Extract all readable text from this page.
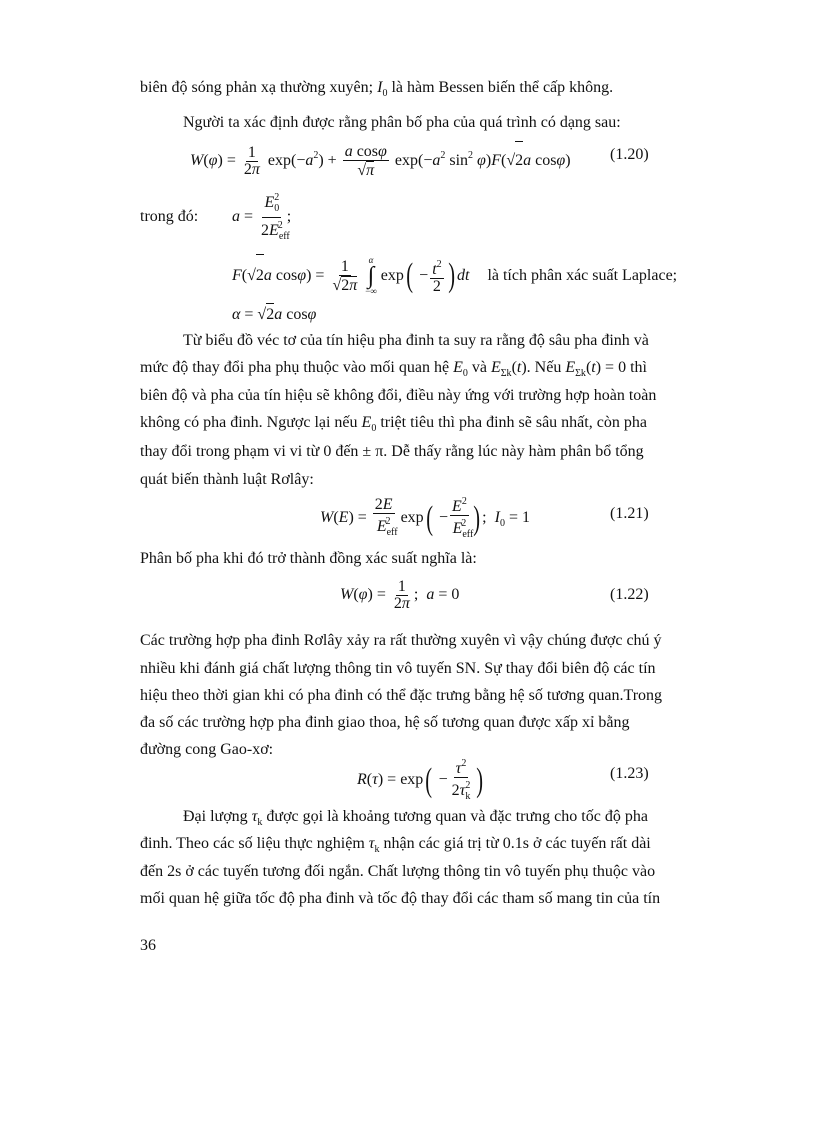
biên độ sóng phản xạ thường xuyên; $I_0$ là hàm Bessen biến thể cấp không.
Người ta xác định được rằng phân bố pha của quá trình có dạng sau:
$W(\varphi) = \frac{1}{2\pi} \exp(-a^2) + \frac{\text{a cosφ}}{√\pi} \exp(-a^2$ $\sin^2 \varphi)F(√2a$ cosφ) (1.20)
trong đó: $a = \frac{E_0^2}{2E_{eff}^2}$ ;
F(√2a $\cos\varphi) = \frac{1}{√2\pi}$
α
∫
−∞
$\exp( - \frac{t^2}{2}$ ) dt là tích phân xác suất Laplace;
α = √2a cosφ
Từ biểu đồ véc tơ của tín hiệu pha đinh ta suy ra rằng độ sâu pha đinh và
mức độ thay đổi pha phụ thuộc vào mối quan hệ $E_0$ và $E_{\Sigma k}(t)$. Nếu $E_{\Sigma k}(t) = 0$ thì
biên độ và pha của tín hiệu sẽ không đổi, điều này ứng với trường hợp hoàn toàn
không có pha đinh. Ngược lại nếu $E_0$ triệt tiêu thì pha đinh sẽ sâu nhất, còn pha
thay đổi trong phạm vi vi từ 0 đến ± π. Dễ thấy rằng lúc này hàm phân bổ tổng
quát biến thành luật Rơlây:
$W(E) = \frac{2E}{E_{eff}^2} \exp( - \frac{E^2}{E_{eff}^2}$ ) ;  $I_0 = 1$	(1.21)
Phân bố pha khi đó trở thành đồng xác suất nghĩa là:
$W(\varphi) = \frac{1}{2\pi}$ ;  a = 0	(1.22)
Các trường hợp pha đinh Rơlây xảy ra rất thường xuyên vì vậy chúng được chú ý
nhiều khi đánh giá chất lượng thông tin vô tuyến SN. Sự thay đổi biên độ các tín
hiệu theo thời gian khi có pha đinh có thể đặc trưng bằng hệ số tương quan.Trong
đa số các trường hợp pha đinh giao thoa, hệ số tương quan được xấp xỉ bằng
đường cong Gao-xơ:
$R(\tau) = \exp( - \frac{\tau^2}{2\tau_k^2}$ )	(1.23)
Đại lượng $\tau_k$ được gọi là khoảng tương quan và đặc trưng cho tốc độ pha
đinh. Theo các số liệu thực nghiệm $\tau_k$ nhận các giá trị từ 0.1s ở các tuyến rất dài
đến 2s ở các tuyến tương đối ngắn. Chất lượng thông tin vô tuyến phụ thuộc vào
mối quan hệ giữa tốc độ pha đinh và tốc độ thay đổi các tham số mang tin của tín
36
